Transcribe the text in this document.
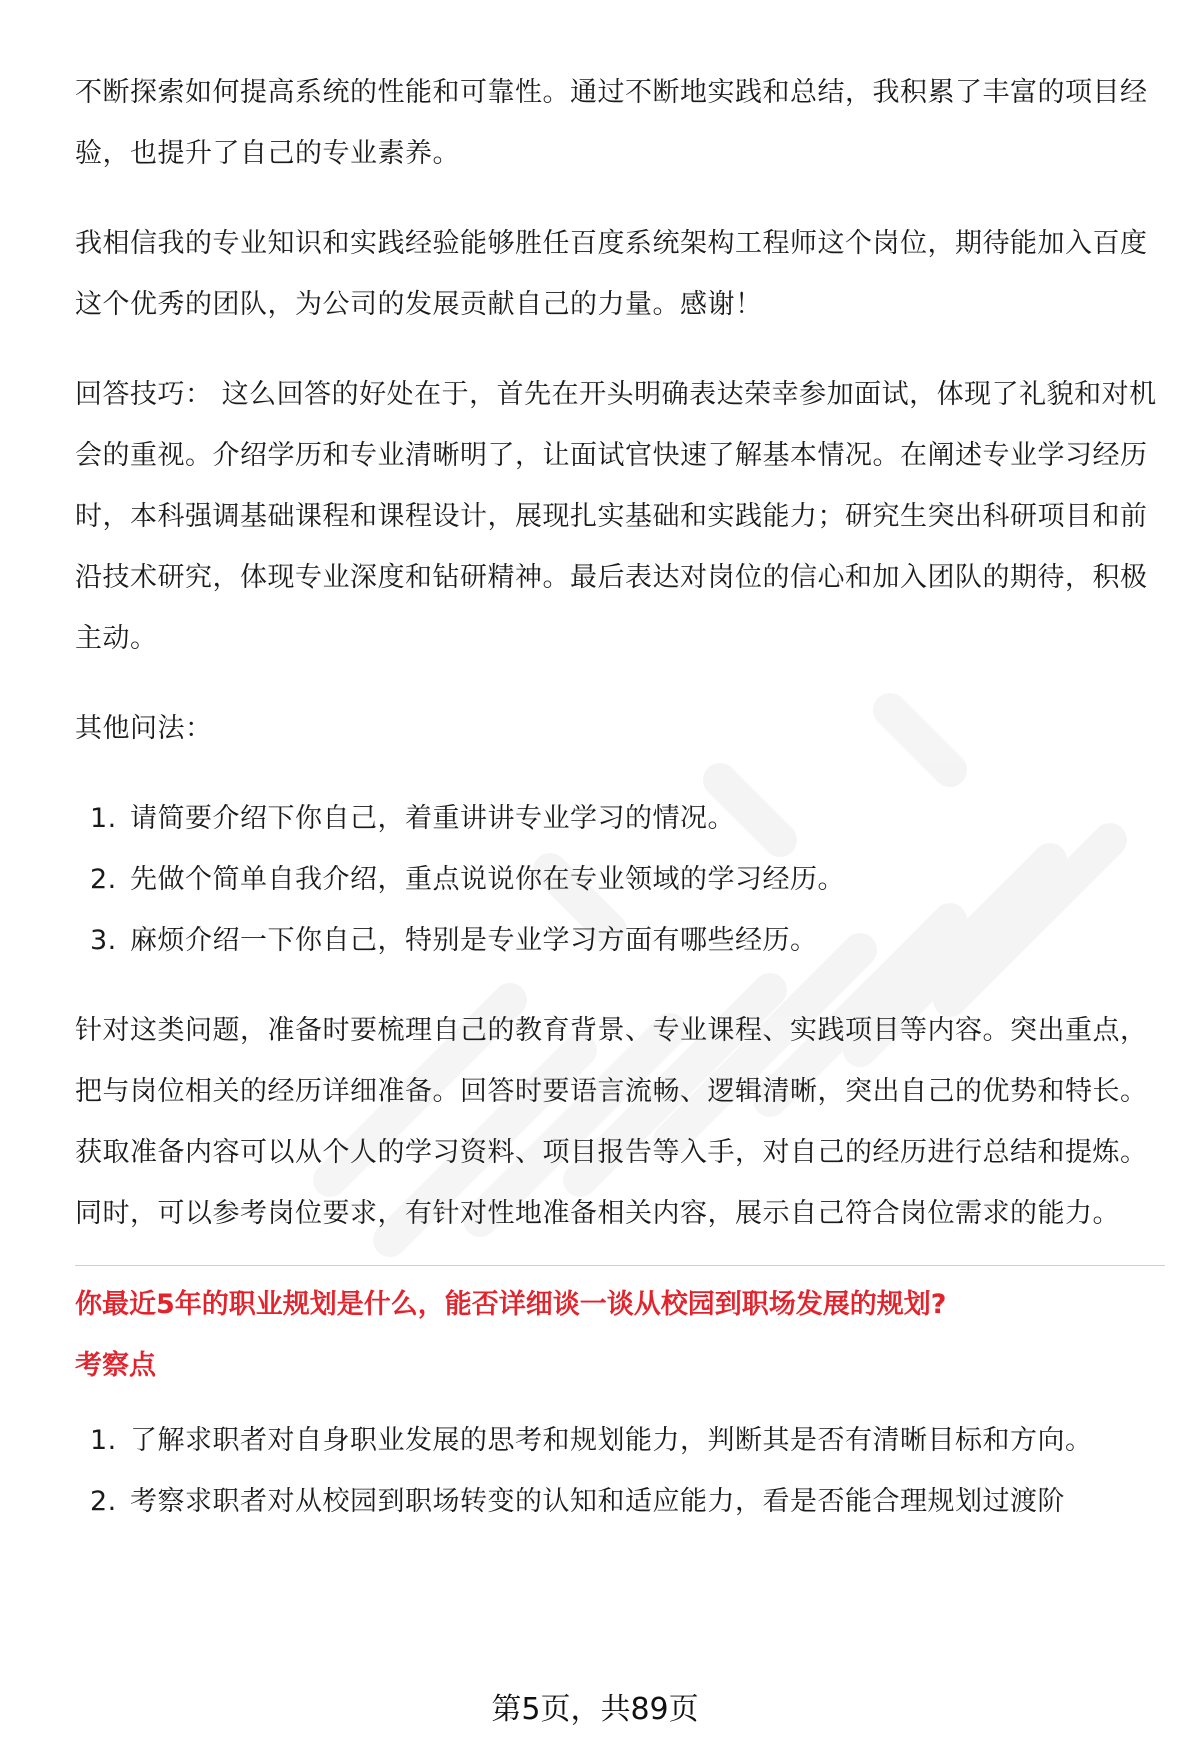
不断探索如何提高系统的性能和可靠性。通过不断地实践和总结，我积累了丰富的项目经验，也提升了自己的专业素养。

我相信我的专业知识和实践经验能够胜任百度系统架构工程师这个岗位，期待能加入百度这个优秀的团队，为公司的发展贡献自己的力量。感谢！

回答技巧： 这么回答的好处在于，首先在开头明确表达荣幸参加面试，体现了礼貌和对机会的重视。介绍学历和专业清晰明了，让面试官快速了解基本情况。在阐述专业学习经历时，本科强调基础课程和课程设计，展现扎实基础和实践能力；研究生突出科研项目和前沿技术研究，体现专业深度和钻研精神。最后表达对岗位的信心和加入团队的期待，积极主动。

其他问法：

1. 请简要介绍下你自己，着重讲讲专业学习的情况。
2. 先做个简单自我介绍，重点说说你在专业领域的学习经历。
3. 麻烦介绍一下你自己，特别是专业学习方面有哪些经历。

针对这类问题，准备时要梳理自己的教育背景、专业课程、实践项目等内容。突出重点，把与岗位相关的经历详细准备。回答时要语言流畅、逻辑清晰，突出自己的优势和特长。获取准备内容可以从个人的学习资料、项目报告等入手，对自己的经历进行总结和提炼。同时，可以参考岗位要求，有针对性地准备相关内容，展示自己符合岗位需求的能力。

你最近5年的职业规划是什么，能否详细谈一谈从校园到职场发展的规划?

考察点

1. 了解求职者对自身职业发展的思考和规划能力，判断其是否有清晰目标和方向。
2. 考察求职者对从校园到职场转变的认知和适应能力，看是否能合理规划过渡阶
第5页，共89页
